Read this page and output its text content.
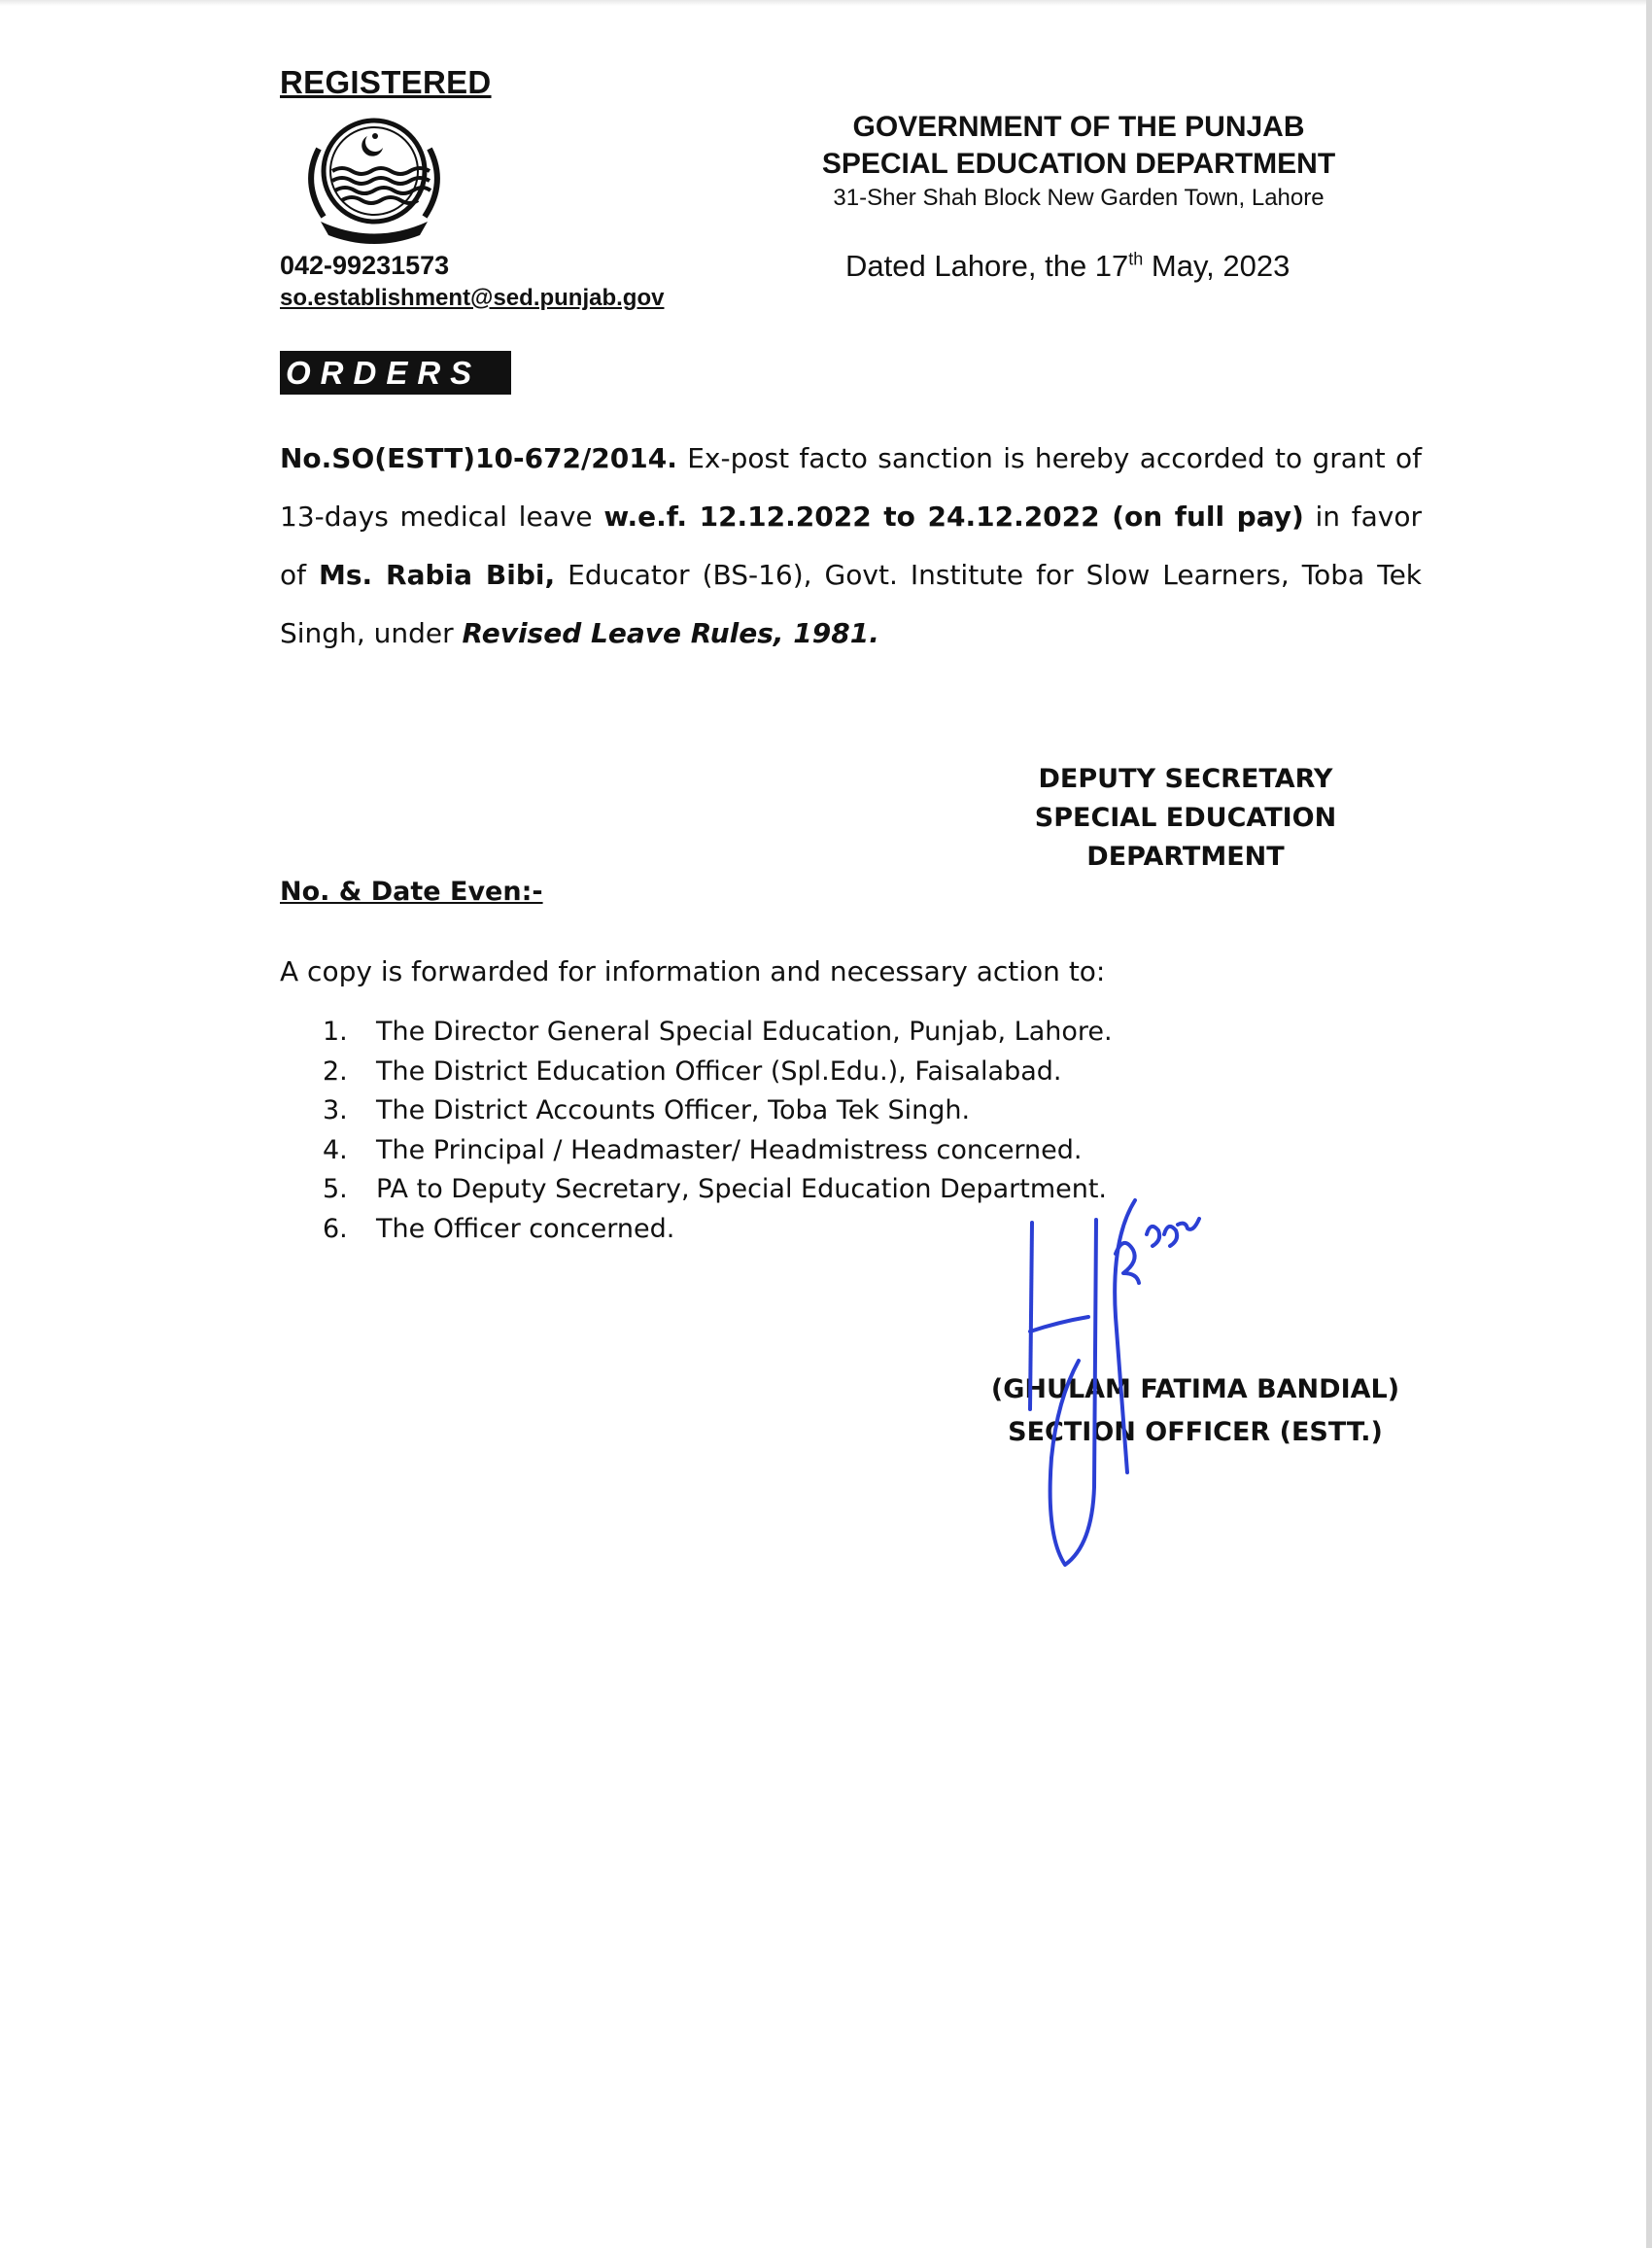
REGISTERED
042-99231573
so.establishment@sed.punjab.gov
GOVERNMENT OF THE PUNJAB
SPECIAL EDUCATION DEPARTMENT
31-Sher Shah Block New Garden Town, Lahore
Dated Lahore, the 17th May, 2023
ORDERS
No.SO(ESTT)10-672/2014. Ex-post facto sanction is hereby accorded to grant of 13-days medical leave w.e.f. 12.12.2022 to 24.12.2022 (on full pay) in favor of Ms. Rabia Bibi, Educator (BS-16), Govt. Institute for Slow Learners, Toba Tek Singh, under Revised Leave Rules, 1981.
DEPUTY SECRETARY
SPECIAL EDUCATION
DEPARTMENT
No. & Date Even:-
A copy is forwarded for information and necessary action to:
1.	The Director General Special Education, Punjab, Lahore.
2.	The District Education Officer (Spl.Edu.), Faisalabad.
3.	The District Accounts Officer, Toba Tek Singh.
4.	The Principal / Headmaster/ Headmistress concerned.
5.	PA to Deputy Secretary, Special Education Department.
6.	The Officer concerned.
(GHULAM FATIMA BANDIAL)
SECTION OFFICER (ESTT.)
